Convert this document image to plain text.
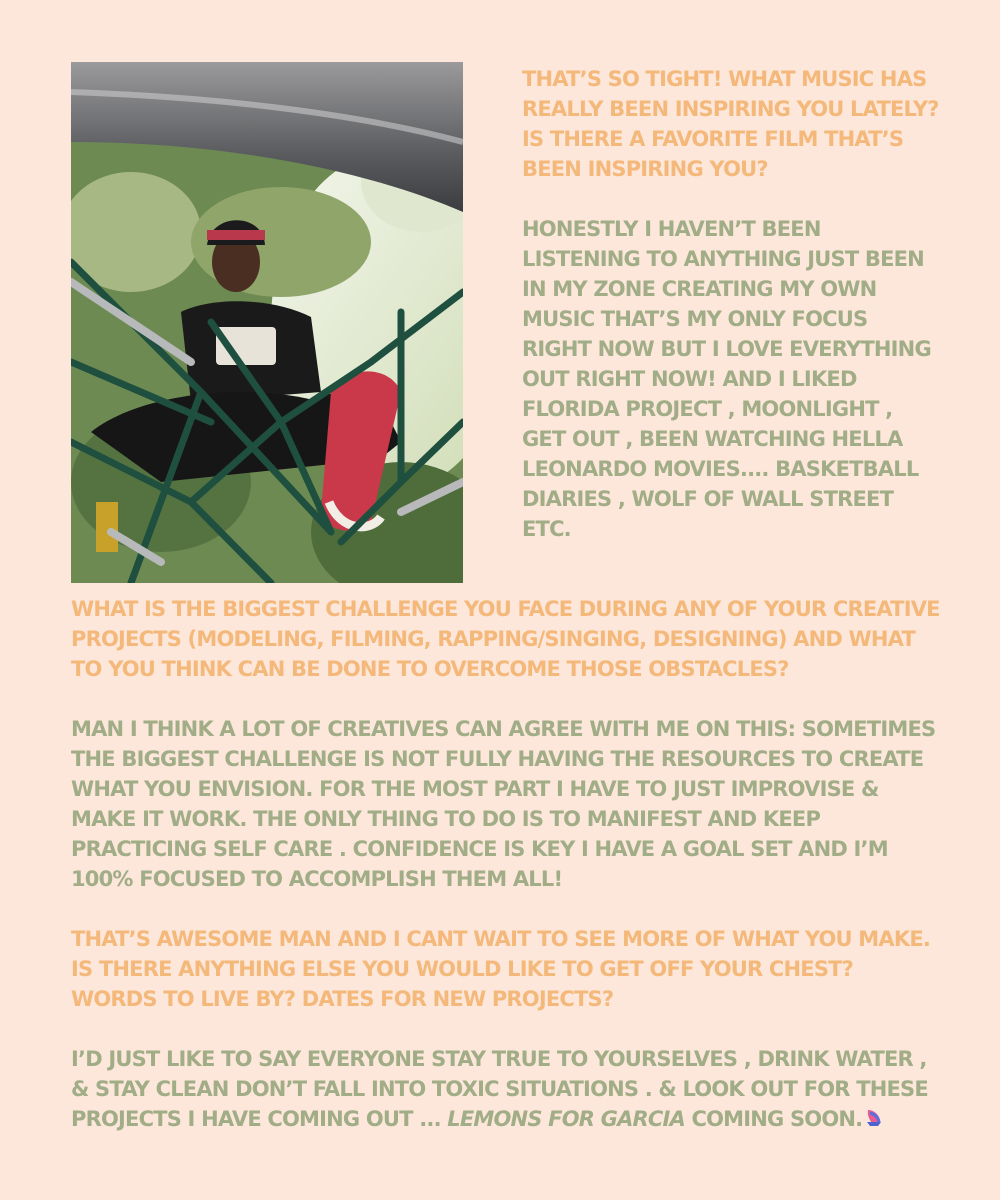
THAT’S SO TIGHT! WHAT MUSIC HAS REALLY BEEN INSPIRING YOU LATELY? IS THERE A FAVORITE FILM THAT’S BEEN INSPIRING YOU?

HONESTLY I HAVEN’T BEEN LISTENING TO ANYTHING JUST BEEN IN MY ZONE CREATING MY OWN MUSIC THAT’S MY ONLY FOCUS RIGHT NOW BUT I LOVE EVERYTHING OUT RIGHT NOW! AND I LIKED FLORIDA PROJECT , MOONLIGHT , GET OUT , BEEN WATCHING HELLA LEONARDO MOVIES.... BASKETBALL DIARIES , WOLF OF WALL STREET ETC.

WHAT IS THE BIGGEST CHALLENGE YOU FACE DURING ANY OF YOUR CREATIVE PROJECTS (MODELING, FILMING, RAPPING/SINGING, DESIGNING) AND WHAT TO YOU THINK CAN BE DONE TO OVERCOME THOSE OBSTACLES?

MAN I THINK A LOT OF CREATIVES CAN AGREE WITH ME ON THIS: SOMETIMES THE BIGGEST CHALLENGE IS NOT FULLY HAVING THE RESOURCES TO CREATE WHAT YOU ENVISION. FOR THE MOST PART I HAVE TO JUST IMPROVISE & MAKE IT WORK. THE ONLY THING TO DO IS TO MANIFEST AND KEEP PRACTICING SELF CARE . CONFIDENCE IS KEY I HAVE A GOAL SET AND I’M 100% FOCUSED TO ACCOMPLISH THEM ALL!

THAT’S AWESOME MAN AND I CANT WAIT TO SEE MORE OF WHAT YOU MAKE. IS THERE ANYTHING ELSE YOU WOULD LIKE TO GET OFF YOUR CHEST? WORDS TO LIVE BY? DATES FOR NEW PROJECTS?

I’D JUST LIKE TO SAY EVERYONE STAY TRUE TO YOURSELVES , DRINK WATER , & STAY CLEAN DON’T FALL INTO TOXIC SITUATIONS . & LOOK OUT FOR THESE PROJECTS I HAVE COMING OUT ... LEMONS FOR GARCIA COMING SOON.
